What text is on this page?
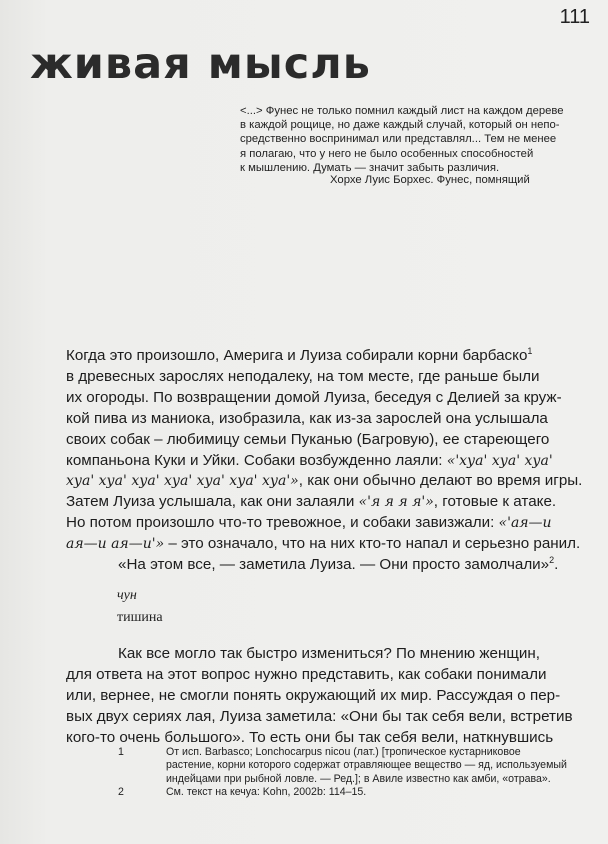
111
живая мысль

<...> Фунес не только помнил каждый лист на каждом дереве

в каждой рощице, но даже каждый случай, который он непо-

средственно воспринимал или представлял... Тем не менее

я полагаю, что у него не было особенных способностей

к мышлению. Думать — значит забыть различия.

Хорхе Луис Борхес. Фунес, помнящий
Когда это произошло, Америга и Луиза собирали корни барбаско$^1$
в древесных зарослях неподалеку, на том месте, где раньше были
их огороды. По возвращении домой Луиза, беседуя с Делией за круж-
кой пива из маниока, изобразила, как из-за зарослей она услышала
своих собак – любимицу семьи Пуканью (Багровую), ее стареющего
компаньона Куки и Уйки. Собаки возбужденно лаяли: «'хуа' хуа' хуа'
хуа' хуа' хуа' хуа' хуа' хуа' хуа'», как они обычно делают во время игры.
Затем Луиза услышала, как они залаяли «'я я я я'», готовые к атаке.
Но потом произошло что-то тревожное, и собаки завизжали: «'ая—и
ая—и ая—и'» – это означало, что на них кто-то напал и серьезно ранил.
«На этом все, — заметила Луиза. — Они просто замолчали»$^2$.

чун

тишина

Как все могло так быстро измениться? По мнению женщин,
для ответа на этот вопрос нужно представить, как собаки понимали
или, вернее, не смогли понять окружающий их мир. Рассуждая о пер-
вых двух сериях лая, Луиза заметила: «Они бы так себя вели, встретив
кого-то очень большого». То есть они бы так себя вели, наткнувшись
1	От исп. Barbasco; Lonchocarpus nicou (лат.) [тропическое кустарниковое
растение, корни которого содержат отравляющее вещество — яд, используемый
индейцами при рыбной ловле. — Ред.]; в Авиле известно как амби, «отрава».
2	См. текст на кечуа: Kohn, 2002b: 114–15.
